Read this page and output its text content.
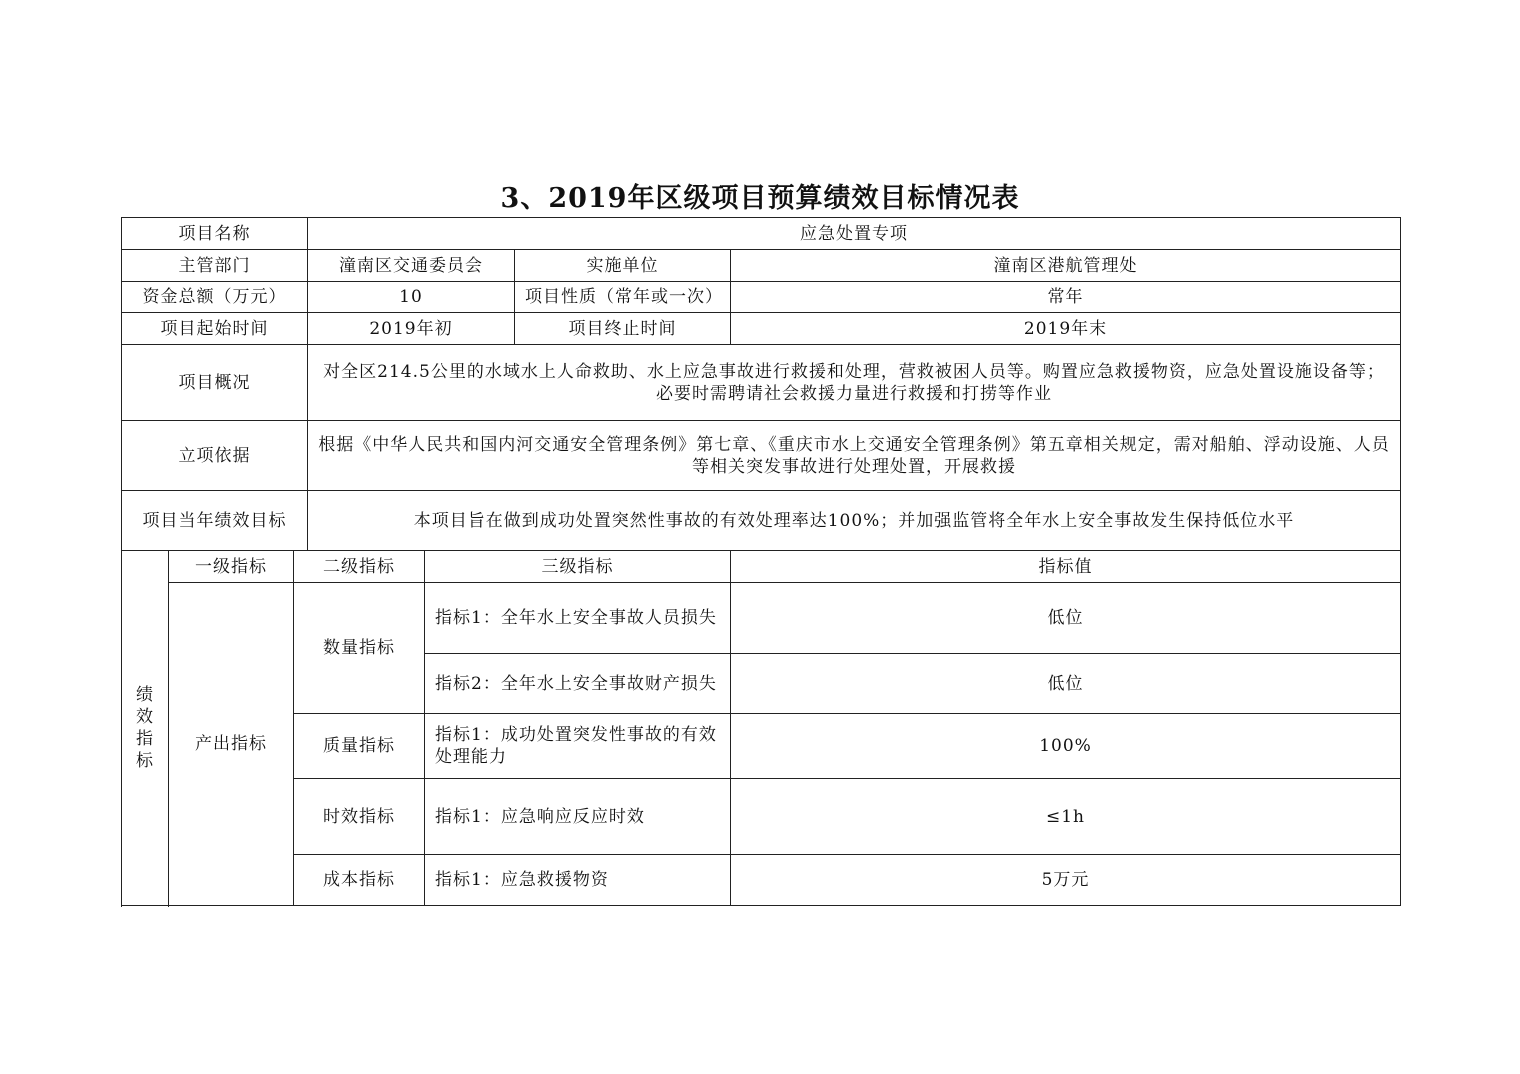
3、2019年区级项目预算绩效目标情况表
项目名称			应急处置专项			
主管部门			潼南区交通委员会		实施单位	潼南区港航管理处
资金总额（万元）			10		项目性质（常年或一次）	常年
项目起始时间			2019年初		项目终止时间	2019年末
项目概况			对全区214.5公里的水域水上人命救助、水上应急事故进行救援和处理，营救被困人员等。购置应急救援物资，应急处置设施设备等；必要时需聘请社会救援力量进行救援和打捞等作业			
立项依据			根据《中华人民共和国内河交通安全管理条例》第七章、《重庆市水上交通安全管理条例》第五章相关规定，需对船舶、浮动设施、人员等相关突发事故进行处理处置，开展救援			
项目当年绩效目标			本项目旨在做到成功处置突然性事故的有效处理率达100%；并加强监管将全年水上安全事故发生保持低位水平			
绩效指标	一级指标	二级指标		三级指标		指标值
	产出指标	数量指标		指标1：全年水上安全事故人员损失		低位
				指标2：全年水上安全事故财产损失		低位
		质量指标		指标1：成功处置突发性事故的有效处理能力		100%
		时效指标		指标1：应急响应反应时效		≤1h
		成本指标		指标1：应急救援物资		5万元
